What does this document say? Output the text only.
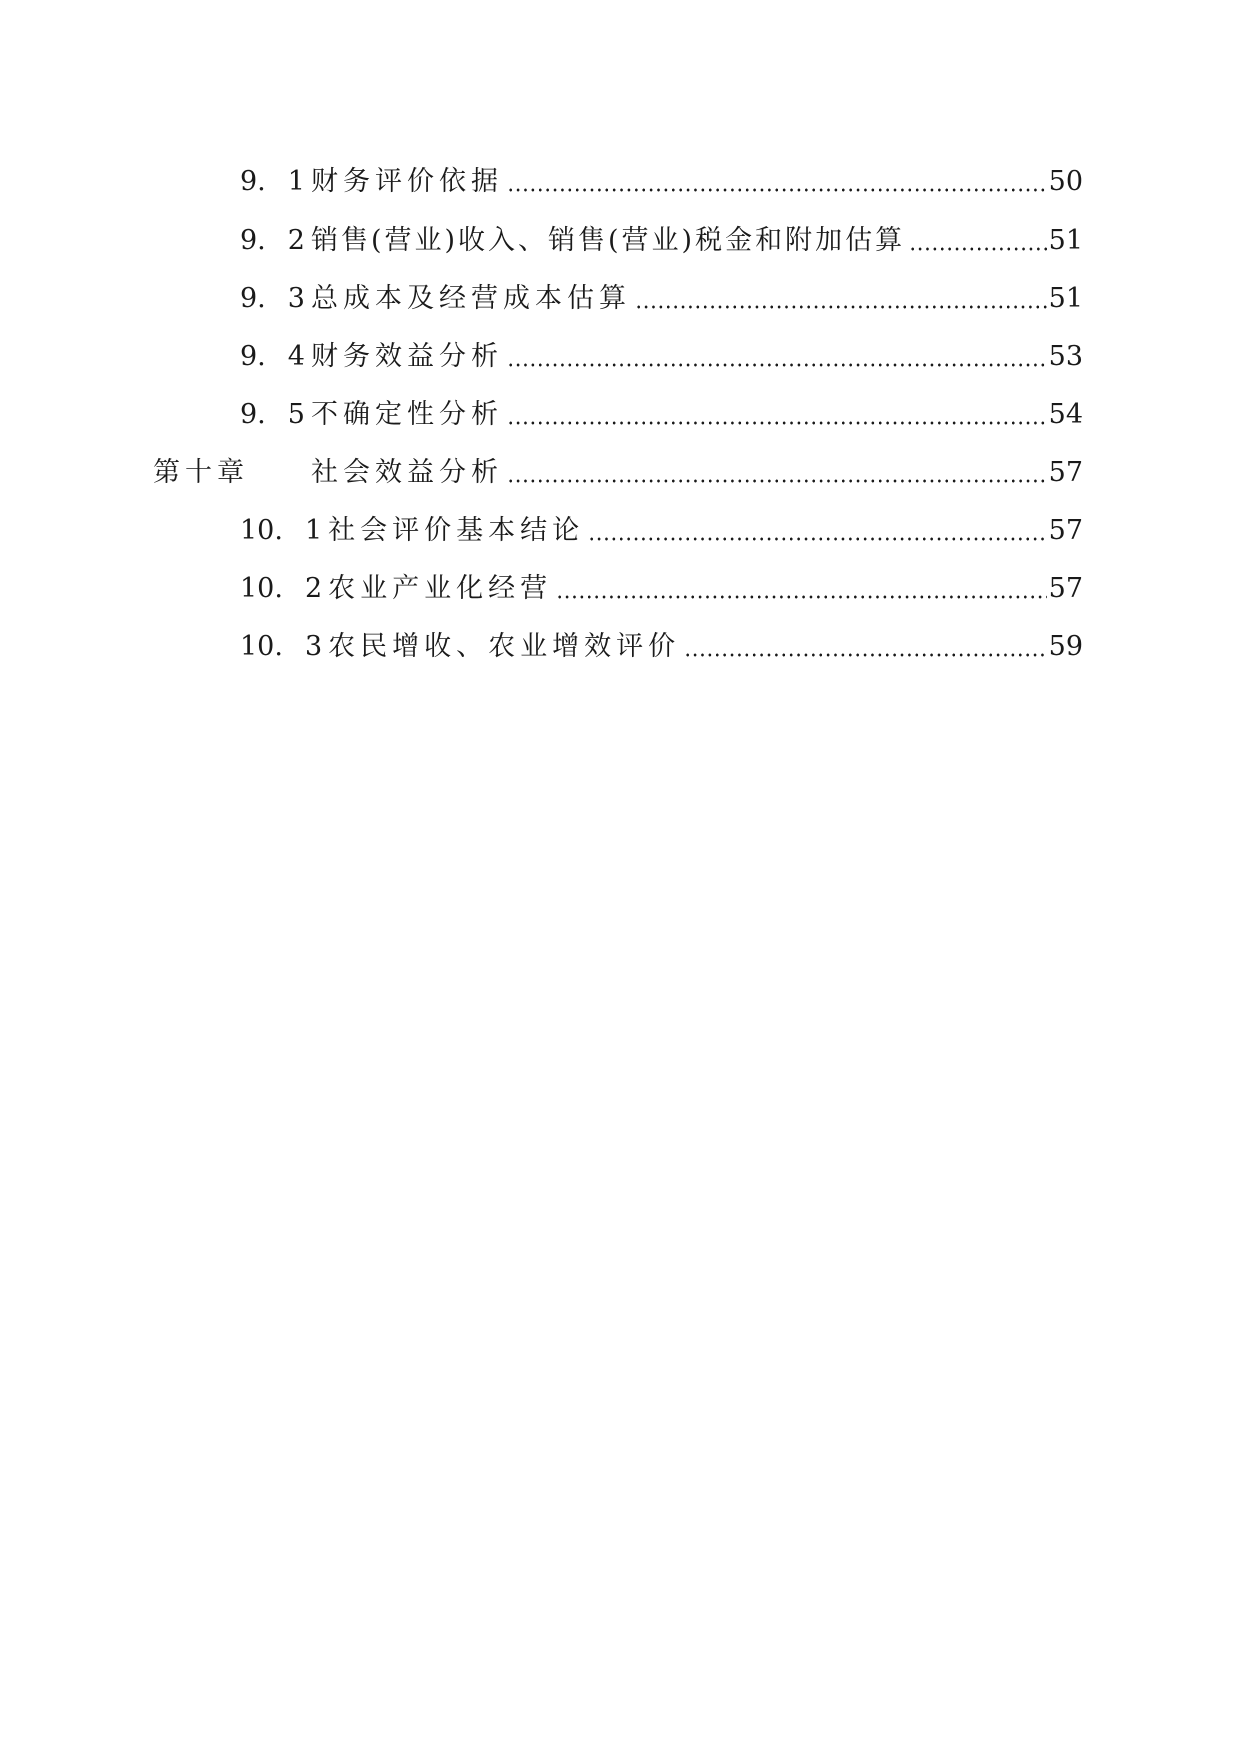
9. 1 财务评价依据	50
9. 2 销售(营业)收入、销售(营业)税金和附加估算	51
9. 3 总成本及经营成本估算	51
9. 4 财务效益分析	53
9. 5 不确定性分析	54
第十章 社会效益分析	57
10. 1 社会评价基本结论	57
10. 2 农业产业化经营	57
10. 3 农民增收、农业增效评价	59
